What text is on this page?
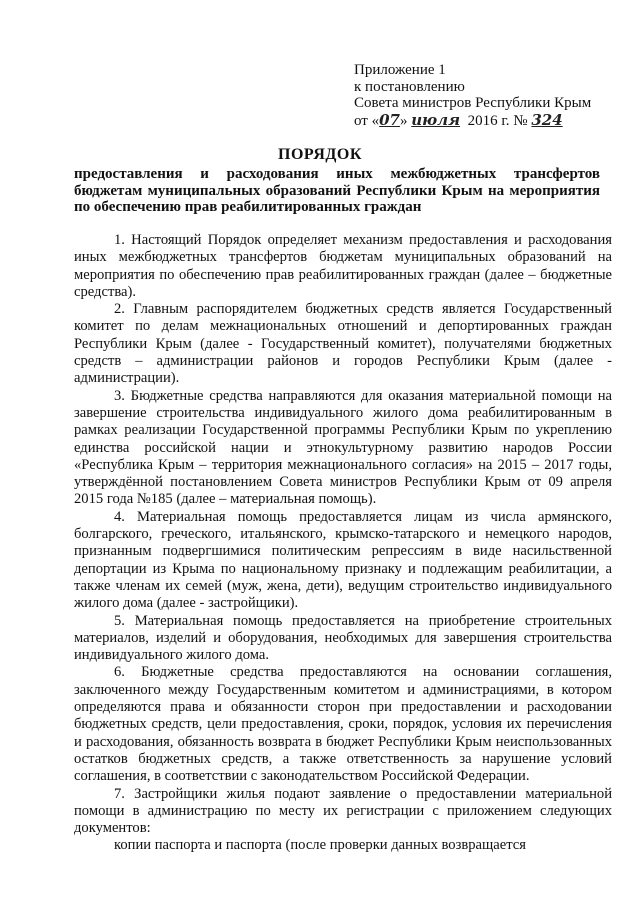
Приложение 1
к постановлению
Совета министров Республики Крым
от «07» июля 2016 г. № 324
ПОРЯДОК
предоставления и расходования иных межбюджетных трансфертов бюджетам муниципальных образований Республики Крым на мероприятия по обеспечению прав реабилитированных граждан

1. Настоящий Порядок определяет механизм предоставления и расходования иных межбюджетных трансфертов бюджетам муниципальных образований на мероприятия по обеспечению прав реабилитированных граждан (далее – бюджетные средства).

2. Главным распорядителем бюджетных средств является Государственный комитет по делам межнациональных отношений и депортированных граждан Республики Крым (далее - Государственный комитет), получателями бюджетных средств – администрации районов и городов Республики Крым (далее - администрации).

3. Бюджетные средства направляются для оказания материальной помощи на завершение строительства индивидуального жилого дома реабилитированным в рамках реализации Государственной программы Республики Крым по укреплению единства российской нации и этнокультурному развитию народов России «Республика Крым – территория межнационального согласия» на 2015 – 2017 годы, утверждённой постановлением Совета министров Республики Крым от 09 апреля 2015 года №185 (далее – материальная помощь).

4. Материальная помощь предоставляется лицам из числа армянского, болгарского, греческого, итальянского, крымско-татарского и немецкого народов, признанным подвергшимися политическим репрессиям в виде насильственной депортации из Крыма по национальному признаку и подлежащим реабилитации, а также членам их семей (муж, жена, дети), ведущим строительство индивидуального жилого дома (далее - застройщики).

5. Материальная помощь предоставляется на приобретение строительных материалов, изделий и оборудования, необходимых для завершения строительства индивидуального жилого дома.

6. Бюджетные средства предоставляются на основании соглашения, заключенного между Государственным комитетом и администрациями, в котором определяются права и обязанности сторон при предоставлении и расходовании бюджетных средств, цели предоставления, сроки, порядок, условия их перечисления и расходования, обязанность возврата в бюджет Республики Крым неиспользованных остатков бюджетных средств, а также ответственность за нарушение условий соглашения, в соответствии с законодательством Российской Федерации.

7. Застройщики жилья подают заявление о предоставлении материальной помощи в администрацию по месту их регистрации с приложением следующих документов:

копии паспорта и паспорта (после проверки данных возвращается
